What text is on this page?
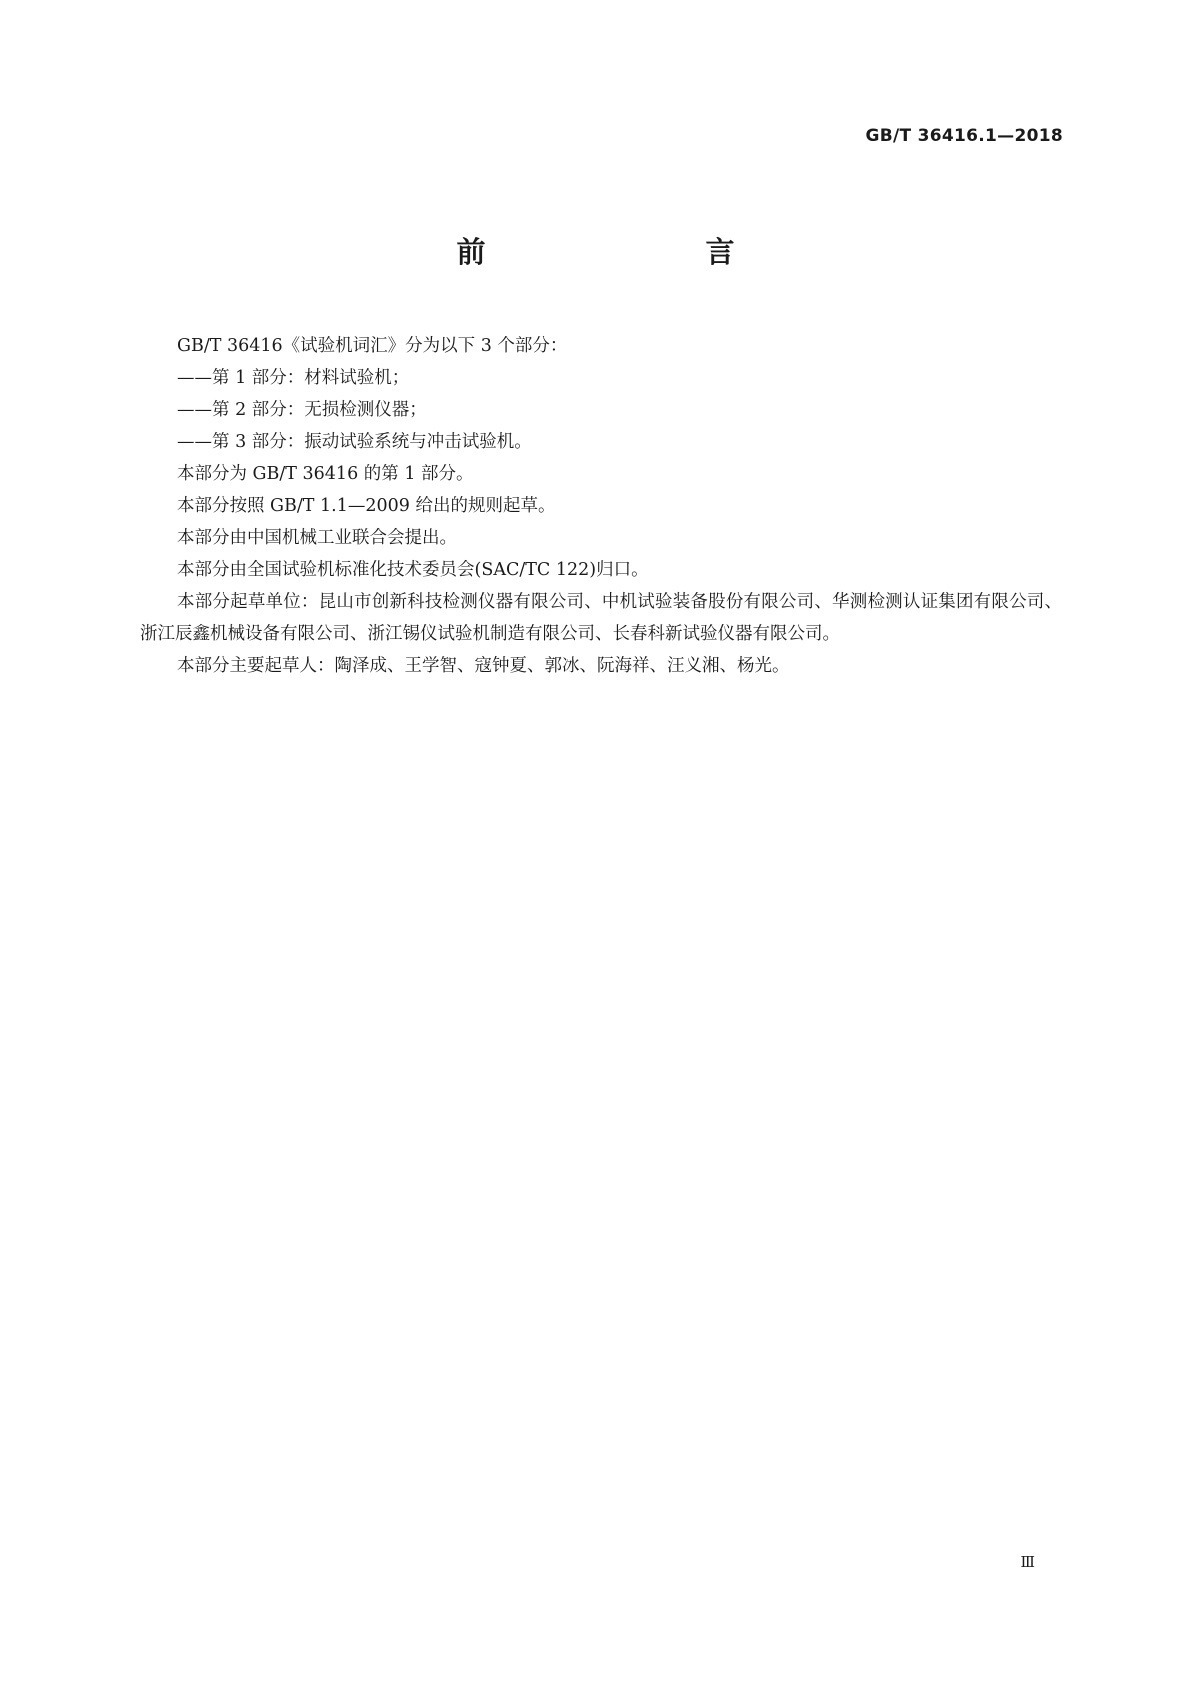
GB/T 36416.1—2018
前　　言

GB/T 36416《试验机词汇》分为以下 3 个部分：

——第 1 部分：材料试验机；

——第 2 部分：无损检测仪器；

——第 3 部分：振动试验系统与冲击试验机。

本部分为 GB/T 36416 的第 1 部分。

本部分按照 GB/T 1.1—2009 给出的规则起草。

本部分由中国机械工业联合会提出。

本部分由全国试验机标准化技术委员会(SAC/TC 122)归口。

本部分起草单位：昆山市创新科技检测仪器有限公司、中机试验装备股份有限公司、华测检测认证集团有限公司、浙江辰鑫机械设备有限公司、浙江锡仪试验机制造有限公司、长春科新试验仪器有限公司。

本部分主要起草人：陶泽成、王学智、寇钟夏、郭冰、阮海祥、汪义湘、杨光。

Ⅲ
